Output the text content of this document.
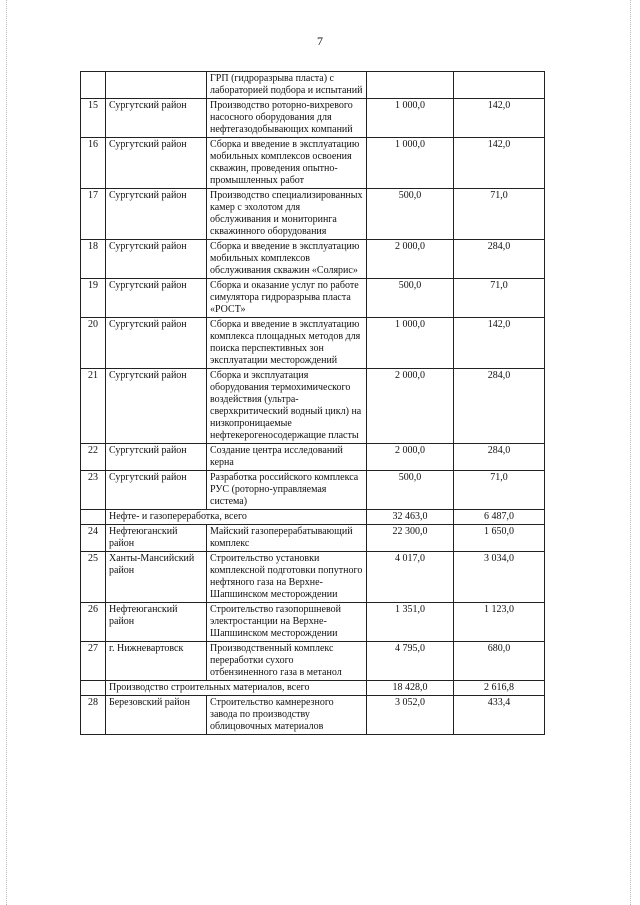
7
		ГРП (гидроразрыва пласта) с лабораторией подбора и испытаний		
15	Сургутский район	Производство роторно-вихревого насосного оборудования для нефтегазодобывающих компаний	1 000,0	142,0
16	Сургутский район	Сборка и введение в эксплуатацию мобильных комплексов освоения скважин, проведения опытно-промышленных работ	1 000,0	142,0
17	Сургутский район	Производство специализированных камер с эхолотом для обслуживания и мониторинга скважинного оборудования	500,0	71,0
18	Сургутский район	Сборка и введение в эксплуатацию мобильных комплексов обслуживания скважин «Солярис»	2 000,0	284,0
19	Сургутский район	Сборка и оказание услуг по работе симулятора гидроразрыва пласта «РОСТ»	500,0	71,0
20	Сургутский район	Сборка и введение в эксплуатацию комплекса площадных методов для поиска перспективных зон эксплуатации месторождений	1 000,0	142,0
21	Сургутский район	Сборка и эксплуатация оборудования термохимического воздействия (ультра-сверхкритический водный цикл) на низкопроницаемые нефтекерогеносодержащие пласты	2 000,0	284,0
22	Сургутский район	Создание центра исследований керна	2 000,0	284,0
23	Сургутский район	Разработка российского комплекса РУС (роторно-управляемая система)	500,0	71,0
	Нефте- и газопереработка, всего		32 463,0	6 487,0
24	Нефтеюганский район	Майский газоперерабатывающий комплекс	22 300,0	1 650,0
25	Ханты-Мансийский район	Строительство установки комплексной подготовки попутного нефтяного газа на Верхне-Шапшинском месторождении	4 017,0	3 034,0
26	Нефтеюганский район	Строительство газопоршневой электростанции на Верхне-Шапшинском месторождении	1 351,0	1 123,0
27	г. Нижневартовск	Производственный комплекс переработки сухого отбензиненного газа в метанол	4 795,0	680,0
	Производство строительных материалов, всего		18 428,0	2 616,8
28	Березовский район	Строительство камнерезного завода по производству облицовочных материалов	3 052,0	433,4
